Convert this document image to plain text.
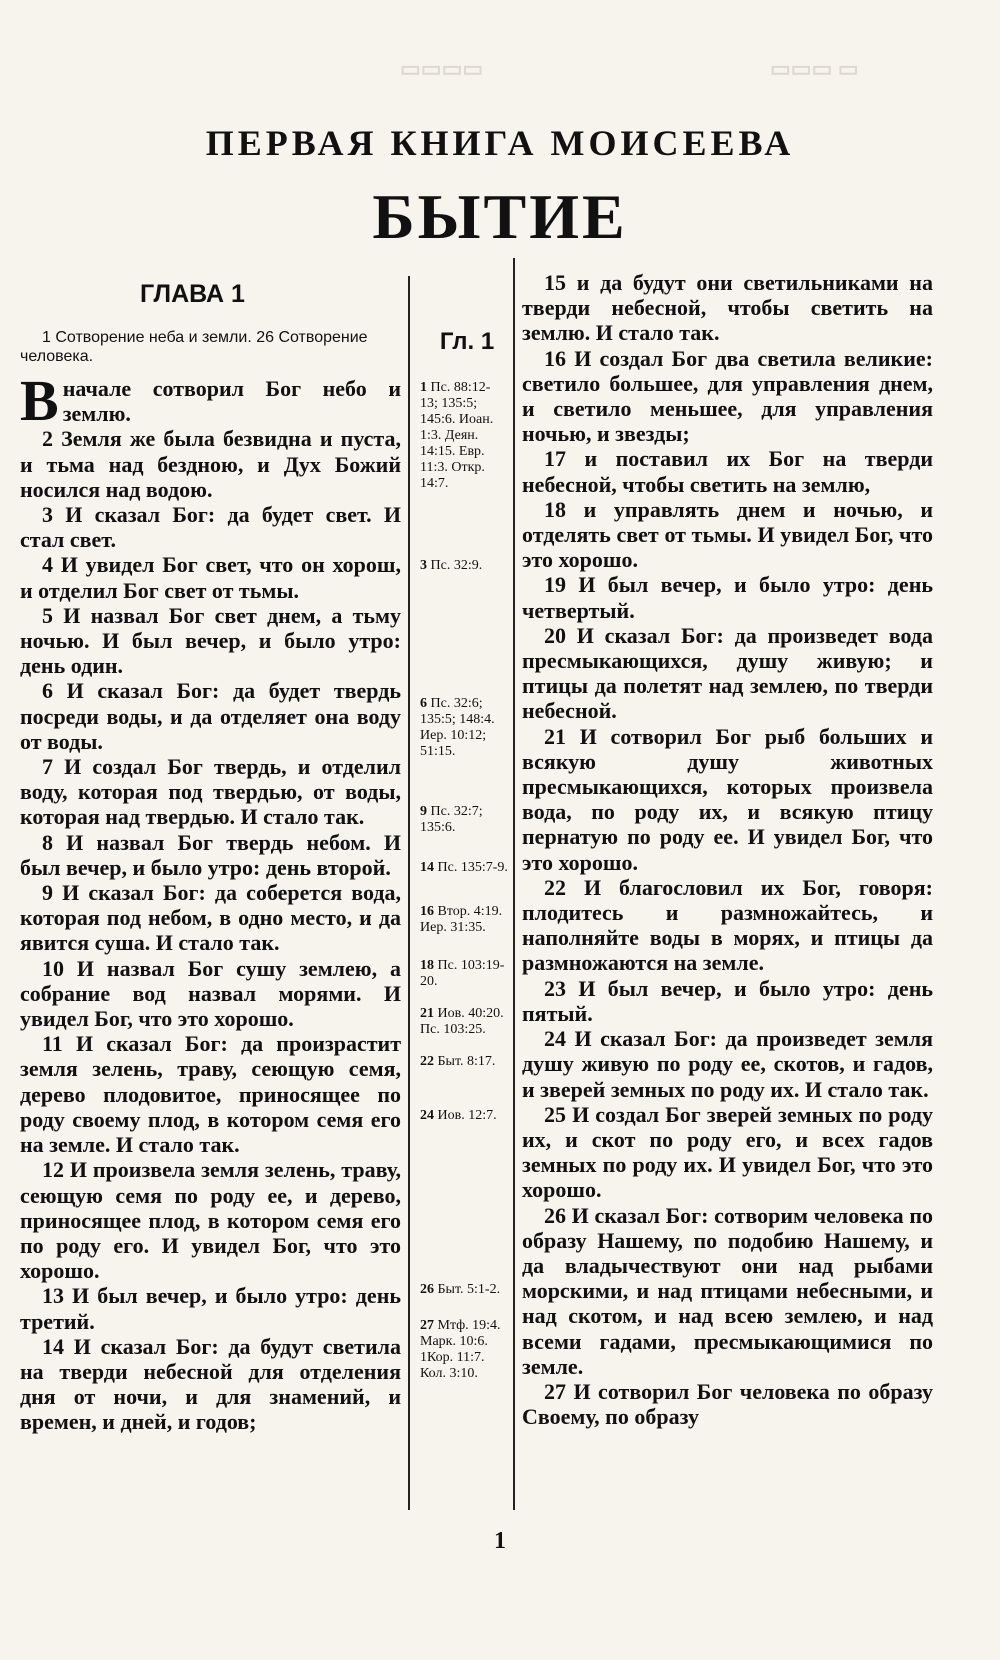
▭▭▭▭	▭▭▭ ▭
ПЕРВАЯ КНИГА МОИСЕЕВА
БЫТИЕ
ГЛАВА 1
1 Сотворение неба и земли. 26 Сотворение человека.

Вначале сотворил Бог небо и землю.

2 Земля же была безвидна и пуста, и тьма над бездною, и Дух Божий носился над водою.

3 И сказал Бог: да будет свет. И стал свет.

4 И увидел Бог свет, что он хорош, и отделил Бог свет от тьмы.

5 И назвал Бог свет днем, а тьму ночью. И был вечер, и было утро: день один.

6 И сказал Бог: да будет твердь посреди воды, и да отделяет она воду от воды.

7 И создал Бог твердь, и отделил воду, которая под твердью, от воды, которая над твердью. И стало так.

8 И назвал Бог твердь небом. И был вечер, и было утро: день второй.

9 И сказал Бог: да соберется вода, которая под небом, в одно место, и да явится суша. И стало так.

10 И назвал Бог сушу землею, а собрание вод назвал морями. И увидел Бог, что это хорошо.

11 И сказал Бог: да произрастит земля зелень, траву, сеющую семя, дерево плодовитое, приносящее по роду своему плод, в котором семя его на земле. И стало так.

12 И произвела земля зелень, траву, сеющую семя по роду ее, и дерево, приносящее плод, в котором семя его по роду его. И увидел Бог, что это хорошо.

13 И был вечер, и было утро: день третий.

14 И сказал Бог: да будут светила на тверди небесной для отделения дня от ночи, и для знамений, и времен, и дней, и годов;

Гл. 1
1 Пс. 88:12-13; 135:5; 145:6. Иоан. 1:3. Деян. 14:15. Евр. 11:3. Откр. 14:7.
3 Пс. 32:9.
6 Пс. 32:6; 135:5; 148:4. Иер. 10:12; 51:15.
9 Пс. 32:7; 135:6.
14 Пс. 135:7-9.
16 Втор. 4:19. Иер. 31:35.
18 Пс. 103:19-20.
21 Иов. 40:20. Пс. 103:25.
22 Быт. 8:17.
24 Иов. 12:7.
26 Быт. 5:1-2.
27 Мтф. 19:4. Марк. 10:6. 1Кор. 11:7. Кол. 3:10.

15 и да будут они светильниками на тверди небесной, чтобы светить на землю. И стало так.

16 И создал Бог два светила великие: светило большее, для управления днем, и светило меньшее, для управления ночью, и звезды;

17 и поставил их Бог на тверди небесной, чтобы светить на землю,

18 и управлять днем и ночью, и отделять свет от тьмы. И увидел Бог, что это хорошо.

19 И был вечер, и было утро: день четвертый.

20 И сказал Бог: да произведет вода пресмыкающихся, душу живую; и птицы да полетят над землею, по тверди небесной.

21 И сотворил Бог рыб больших и всякую душу животных пресмыкающихся, которых произвела вода, по роду их, и всякую птицу пернатую по роду ее. И увидел Бог, что это хорошо.

22 И благословил их Бог, говоря: плодитесь и размножайтесь, и наполняйте воды в морях, и птицы да размножаются на земле.

23 И был вечер, и было утро: день пятый.

24 И сказал Бог: да произведет земля душу живую по роду ее, скотов, и гадов, и зверей земных по роду их. И стало так.

25 И создал Бог зверей земных по роду их, и скот по роду его, и всех гадов земных по роду их. И увидел Бог, что это хорошо.

26 И сказал Бог: сотворим человека по образу Нашему, по подобию Нашему, и да владычествуют они над рыбами морскими, и над птицами небесными, и над скотом, и над всею землею, и над всеми гадами, пресмыкающимися по земле.

27 И сотворил Бог человека по образу Своему, по образу

1
